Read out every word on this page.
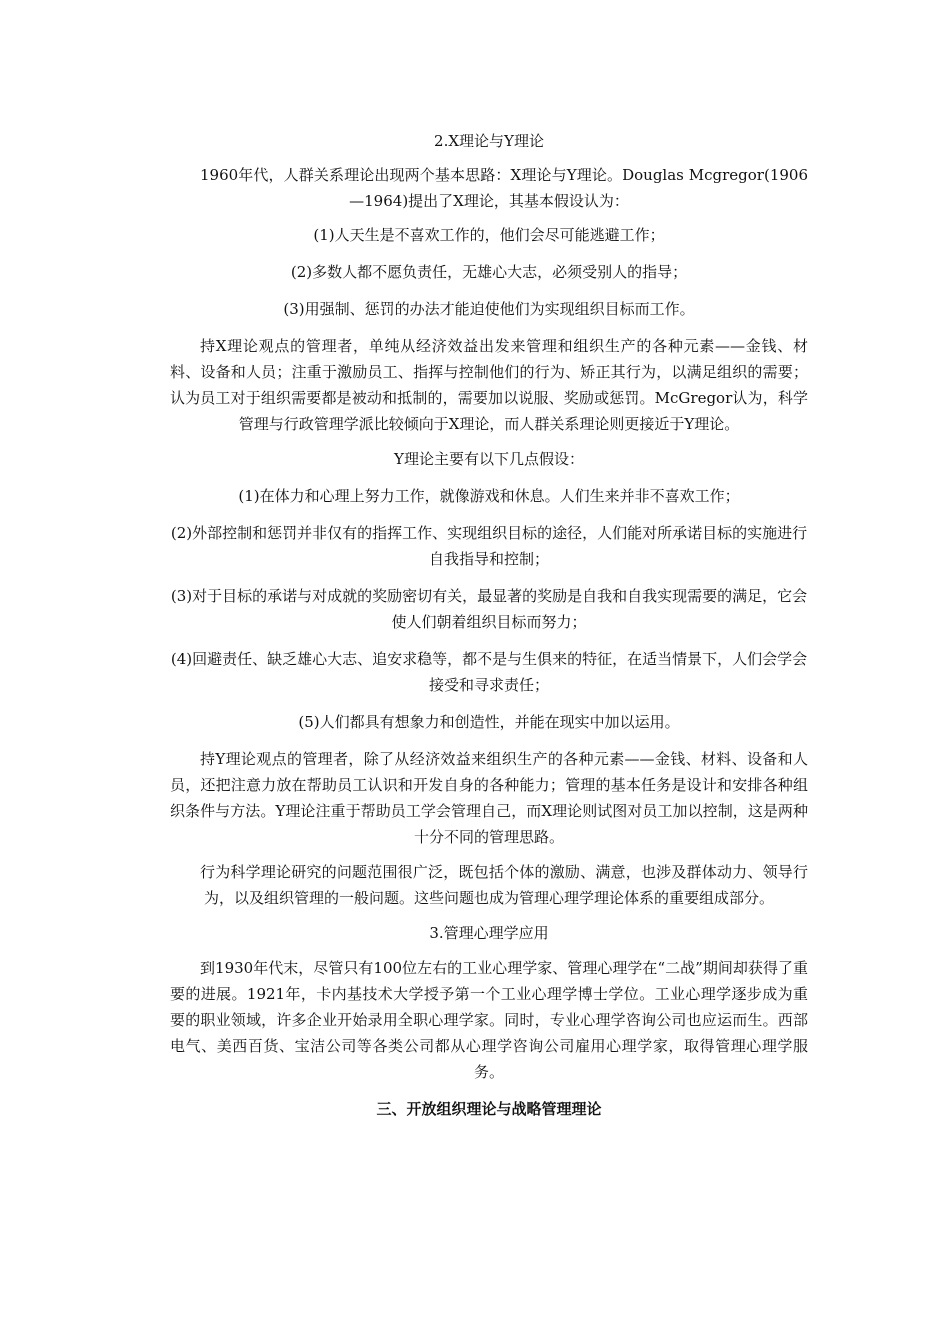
2.X理论与Y理论

1960年代，人群关系理论出现两个基本思路：X理论与Y理论。Douglas Mcgregor(1906—1964)提出了X理论，其基本假设认为：

(1)人天生是不喜欢工作的，他们会尽可能逃避工作；

(2)多数人都不愿负责任，无雄心大志，必须受别人的指导；

(3)用强制、惩罚的办法才能迫使他们为实现组织目标而工作。

持X理论观点的管理者，单纯从经济效益出发来管理和组织生产的各种元素——金钱、材料、设备和人员；注重于激励员工、指挥与控制他们的行为、矫正其行为，以满足组织的需要；认为员工对于组织需要都是被动和抵制的，需要加以说服、奖励或惩罚。McGregor认为，科学管理与行政管理学派比较倾向于X理论，而人群关系理论则更接近于Y理论。

Y理论主要有以下几点假设：

(1)在体力和心理上努力工作，就像游戏和休息。人们生来并非不喜欢工作；

(2)外部控制和惩罚并非仅有的指挥工作、实现组织目标的途径，人们能对所承诺目标的实施进行自我指导和控制；

(3)对于目标的承诺与对成就的奖励密切有关，最显著的奖励是自我和自我实现需要的满足，它会使人们朝着组织目标而努力；

(4)回避责任、缺乏雄心大志、追安求稳等，都不是与生俱来的特征，在适当情景下，人们会学会接受和寻求责任；

(5)人们都具有想象力和创造性，并能在现实中加以运用。

持Y理论观点的管理者，除了从经济效益来组织生产的各种元素——金钱、材料、设备和人员，还把注意力放在帮助员工认识和开发自身的各种能力；管理的基本任务是设计和安排各种组织条件与方法。Y理论注重于帮助员工学会管理自己，而X理论则试图对员工加以控制，这是两种十分不同的管理思路。

行为科学理论研究的问题范围很广泛，既包括个体的激励、满意，也涉及群体动力、领导行为，以及组织管理的一般问题。这些问题也成为管理心理学理论体系的重要组成部分。

3.管理心理学应用

到1930年代末，尽管只有100位左右的工业心理学家、管理心理学在“二战”期间却获得了重要的进展。1921年，卡内基技术大学授予第一个工业心理学博士学位。工业心理学逐步成为重要的职业领域，许多企业开始录用全职心理学家。同时，专业心理学咨询公司也应运而生。西部电气、美西百货、宝洁公司等各类公司都从心理学咨询公司雇用心理学家，取得管理心理学服务。

三、开放组织理论与战略管理理论
